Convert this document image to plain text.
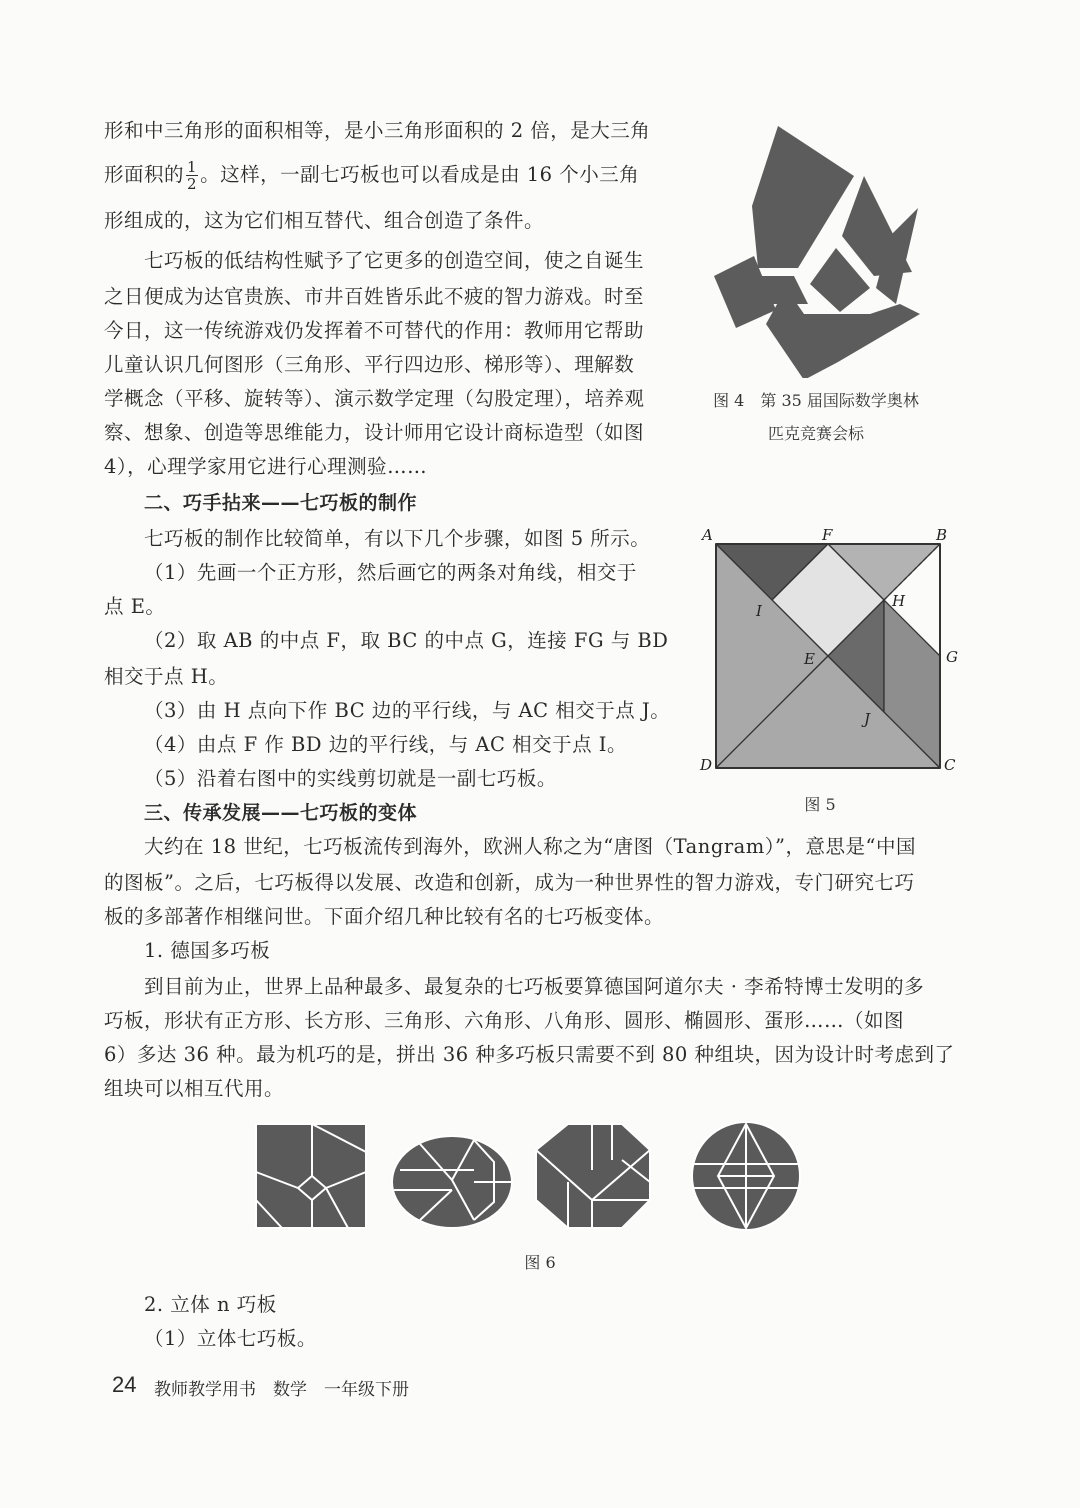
形和中三角形的面积相等，是小三角形面积的 2 倍，是大三角
形面积的 $\frac{1}{2}$ 。这样，一副七巧板也可以看成是由 16 个小三角
形组成的，这为它们相互替代、组合创造了条件。
七巧板的低结构性赋予了它更多的创造空间，使之自诞生
之日便成为达官贵族、市井百姓皆乐此不疲的智力游戏。时至
今日，这一传统游戏仍发挥着不可替代的作用：教师用它帮助
儿童认识几何图形（三角形、平行四边形、梯形等）、理解数
学概念（平移、旋转等）、演示数学定理（勾股定理），培养观
察、想象、创造等思维能力，设计师用它设计商标造型（如图
4），心理学家用它进行心理测验……
二、巧手拈来——七巧板的制作
七巧板的制作比较简单，有以下几个步骤，如图 5 所示。
（1）先画一个正方形，然后画它的两条对角线，相交于
点 E。
（2）取 AB 的中点 F，取 BC 的中点 G，连接 FG 与 BD
相交于点 H。
（3）由 H 点向下作 BC 边的平行线，与 AC 相交于点 J。
（4）由点 F 作 BD 边的平行线，与 AC 相交于点 I。
（5）沿着右图中的实线剪切就是一副七巧板。
三、传承发展——七巧板的变体
大约在 18 世纪，七巧板流传到海外，欧洲人称之为“唐图（Tangram）”，意思是“中国
的图板”。之后，七巧板得以发展、改造和创新，成为一种世界性的智力游戏，专门研究七巧
板的多部著作相继问世。下面介绍几种比较有名的七巧板变体。
1. 德国多巧板
到目前为止，世界上品种最多、最复杂的七巧板要算德国阿道尔夫 · 李希特博士发明的多
巧板，形状有正方形、长方形、三角形、六角形、八角形、圆形、椭圆形、蛋形……（如图
6）多达 36 种。最为机巧的是，拼出 36 种多巧板只需要不到 80 种组块，因为设计时考虑到了
组块可以相互代用。
2. 立体 n 巧板
（1）立体七巧板。
图 4　第 35 届国际数学奥林
匹克竞赛会标
A	F	B
H
I
E	G
J
D	C
图 5
图 6
24 教师教学用书　数学　一年级下册
